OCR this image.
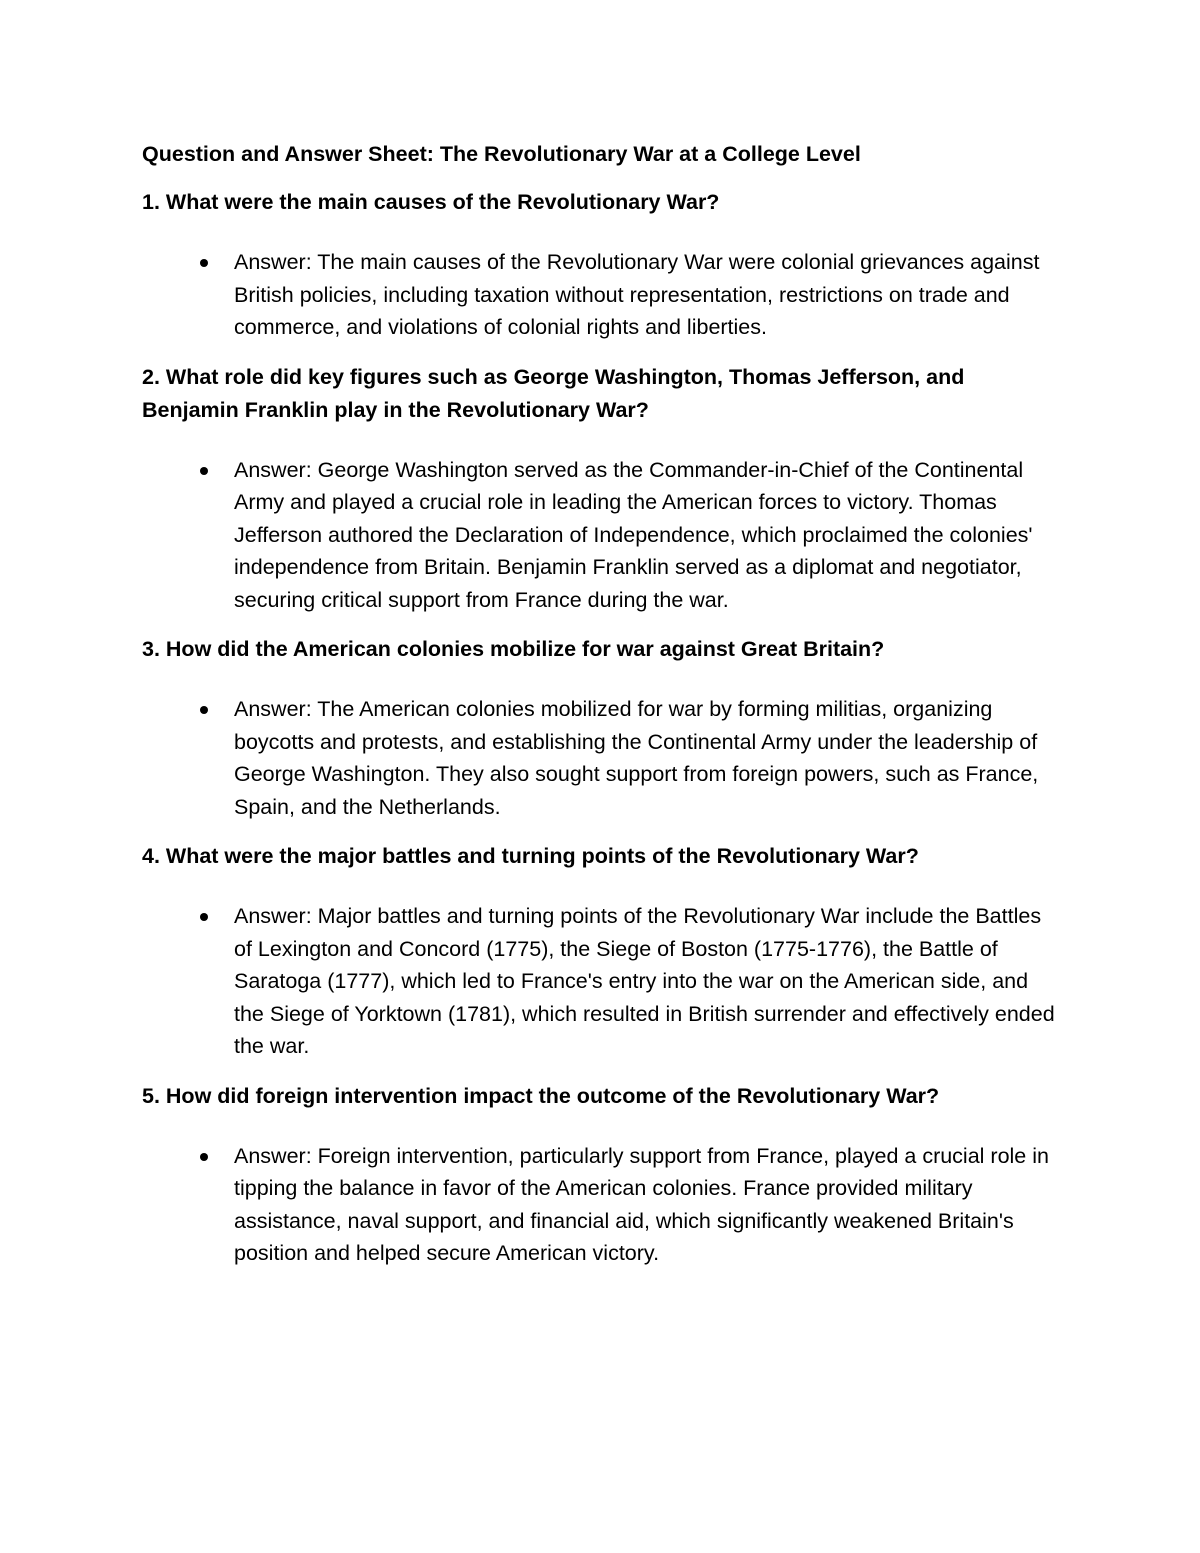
Question and Answer Sheet: The Revolutionary War at a College Level
1. What were the main causes of the Revolutionary War?
Answer: The main causes of the Revolutionary War were colonial grievances against British policies, including taxation without representation, restrictions on trade and commerce, and violations of colonial rights and liberties.
2. What role did key figures such as George Washington, Thomas Jefferson, and Benjamin Franklin play in the Revolutionary War?
Answer: George Washington served as the Commander-in-Chief of the Continental Army and played a crucial role in leading the American forces to victory. Thomas Jefferson authored the Declaration of Independence, which proclaimed the colonies' independence from Britain. Benjamin Franklin served as a diplomat and negotiator, securing critical support from France during the war.
3. How did the American colonies mobilize for war against Great Britain?
Answer: The American colonies mobilized for war by forming militias, organizing boycotts and protests, and establishing the Continental Army under the leadership of George Washington. They also sought support from foreign powers, such as France, Spain, and the Netherlands.
4. What were the major battles and turning points of the Revolutionary War?
Answer: Major battles and turning points of the Revolutionary War include the Battles of Lexington and Concord (1775), the Siege of Boston (1775-1776), the Battle of Saratoga (1777), which led to France's entry into the war on the American side, and the Siege of Yorktown (1781), which resulted in British surrender and effectively ended the war.
5. How did foreign intervention impact the outcome of the Revolutionary War?
Answer: Foreign intervention, particularly support from France, played a crucial role in tipping the balance in favor of the American colonies. France provided military assistance, naval support, and financial aid, which significantly weakened Britain's position and helped secure American victory.
